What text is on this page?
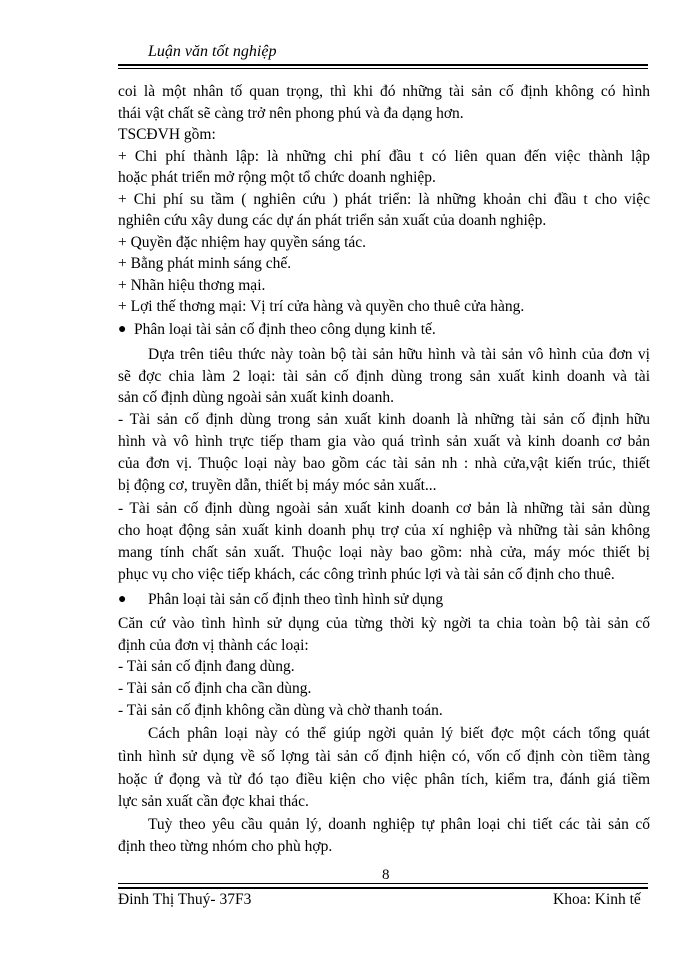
Luận văn tốt nghiệp
coi là một nhân tố quan trọng, thì khi đó những tài sản cố định không có hình
thái vật chất sẽ càng trở nên phong phú và đa dạng hơn.
TSCĐVH gồm:
+ Chi phí thành lập: là những chi phí đầu t có liên quan đến việc thành lập
hoặc phát triển mở rộng một tổ chức doanh nghiệp.
+ Chi phí su tầm ( nghiên cứu ) phát triển: là những khoản chi đầu t cho việc
nghiên cứu xây dung các dự án phát triển sản xuất của doanh nghiệp.
+ Quyền đặc nhiệm hay quyền sáng tác.
+ Bằng phát minh sáng chế.
+ Nhãn hiệu thơng mại.
+ Lợi thế thơng mại: Vị trí cửa hàng và quyền cho thuê cửa hàng.
● Phân loại tài sản cố định theo công dụng kinh tế.
Dựa trên tiêu thức này toàn bộ tài sản hữu hình và tài sản vô hình của đơn vị
sẽ đợc chia làm 2 loại: tài sản cố định dùng trong sản xuất kinh doanh và tài
sản cố định dùng ngoài sản xuất kinh doanh.
- Tài sản cố định dùng trong sản xuất kinh doanh là những tài sản cố định hữu
hình và vô hình trực tiếp tham gia vào quá trình sản xuất và kinh doanh cơ bản
của đơn vị. Thuộc loại này bao gồm các tài sản nh : nhà cửa,vật kiến trúc, thiết
bị động cơ, truyền dẫn, thiết bị máy móc sản xuất...
- Tài sản cố định dùng ngoài sản xuất kinh doanh cơ bản là những tài sản dùng
cho hoạt động sản xuất kinh doanh phụ trợ của xí nghiệp và những tài sản không
mang tính chất sản xuất. Thuộc loại này bao gồm: nhà cửa, máy móc thiết bị
phục vụ cho việc tiếp khách, các công trình phúc lợi và tài sản cố định cho thuê.
● Phân loại tài sản cố định theo tình hình sử dụng
Căn cứ vào tình hình sử dụng của từng thời kỳ ngời ta chia toàn bộ tài sản cố
định của đơn vị thành các loại:
- Tài sản cố định đang dùng.
- Tài sản cố định cha cần dùng.
- Tài sản cố định không cần dùng và chờ thanh toán.
Cách phân loại này có thể giúp ngời quản lý biết đợc một cách tổng quát
tình hình sử dụng về số lợng tài sản cố định hiện có, vốn cố định còn tiềm tàng
hoặc ứ đọng và từ đó tạo điều kiện cho việc phân tích, kiểm tra, đánh giá tiềm
lực sản xuất cần đợc khai thác.
Tuỳ theo yêu cầu quản lý, doanh nghiệp tự phân loại chi tiết các tài sản cố
định theo từng nhóm cho phù hợp.
8
Đinh Thị Thuý- 37F3	Khoa: Kinh tế
